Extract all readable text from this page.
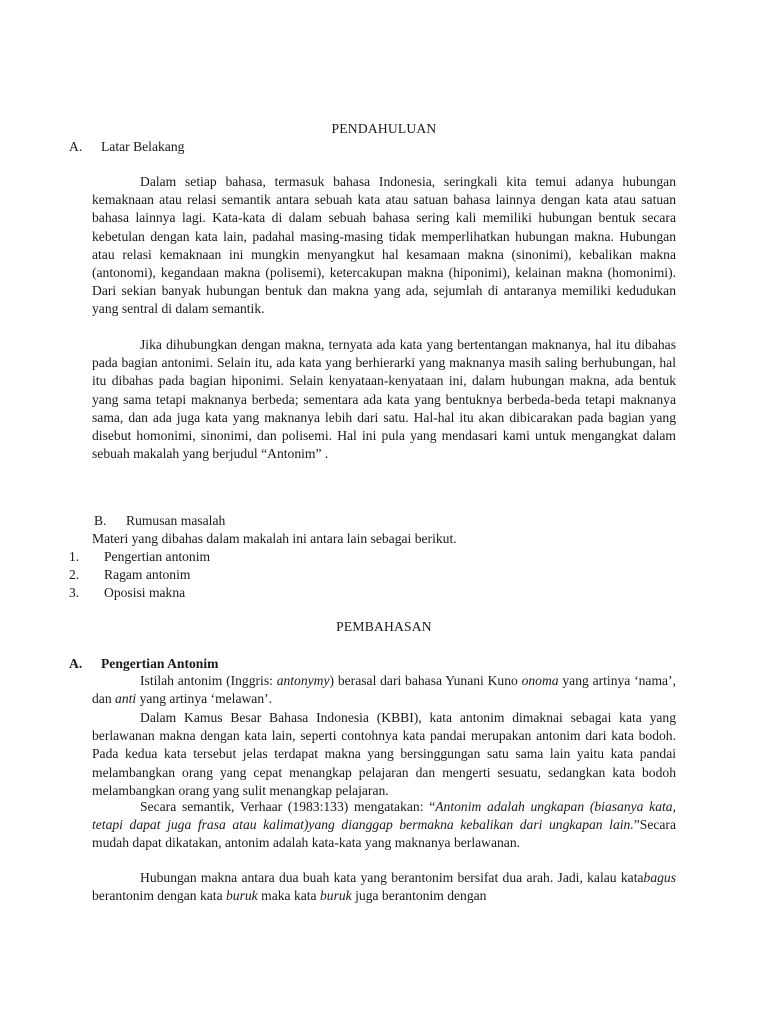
PENDAHULUAN
A. Latar Belakang
Dalam setiap bahasa, termasuk bahasa Indonesia, seringkali kita temui adanya hubungan kemaknaan atau relasi semantik antara sebuah kata atau satuan bahasa lainnya dengan kata atau satuan bahasa lainnya lagi. Kata-kata di dalam sebuah bahasa sering kali memiliki hubungan bentuk secara kebetulan dengan kata lain, padahal masing-masing tidak memperlihatkan hubungan makna. Hubungan atau relasi kemaknaan ini mungkin menyangkut hal kesamaan makna (sinonimi), kebalikan makna (antonomi), kegandaan makna (polisemi), ketercakupan makna (hiponimi), kelainan makna (homonimi). Dari sekian banyak hubungan bentuk dan makna yang ada, sejumlah di antaranya memiliki kedudukan yang sentral di dalam semantik.
Jika dihubungkan dengan makna, ternyata ada kata yang bertentangan maknanya, hal itu dibahas pada bagian antonimi. Selain itu, ada kata yang berhierarki yang maknanya masih saling berhubungan, hal itu dibahas pada bagian hiponimi. Selain kenyataan-kenyataan ini, dalam hubungan makna, ada bentuk yang sama tetapi maknanya berbeda; sementara ada kata yang bentuknya berbeda-beda tetapi maknanya sama, dan ada juga kata yang maknanya lebih dari satu. Hal-hal itu akan dibicarakan pada bagian yang disebut homonimi, sinonimi, dan polisemi. Hal ini pula yang mendasari kami untuk mengangkat dalam sebuah makalah yang berjudul “Antonim” .
B. Rumusan masalah
Materi yang dibahas dalam makalah ini antara lain sebagai berikut.
1. Pengertian antonim
2. Ragam antonim
3. Oposisi makna
PEMBAHASAN
A. Pengertian Antonim
Istilah antonim (Inggris: antonymy) berasal dari bahasa Yunani Kuno onoma yang artinya ‘nama’, dan anti yang artinya ‘melawan’.
Dalam Kamus Besar Bahasa Indonesia (KBBI), kata antonim dimaknai sebagai kata yang berlawanan makna dengan kata lain, seperti contohnya kata pandai merupakan antonim dari kata bodoh. Pada kedua kata tersebut jelas terdapat makna yang bersinggungan satu sama lain yaitu kata pandai melambangkan orang yang cepat menangkap pelajaran dan mengerti sesuatu, sedangkan kata bodoh melambangkan orang yang sulit menangkap pelajaran.
Secara semantik, Verhaar (1983:133) mengatakan: “Antonim adalah ungkapan (biasanya kata, tetapi dapat juga frasa atau kalimat)yang dianggap bermakna kebalikan dari ungkapan lain.”Secara mudah dapat dikatakan, antonim adalah kata-kata yang maknanya berlawanan.
Hubungan makna antara dua buah kata yang berantonim bersifat dua arah. Jadi, kalau katabagus berantonim dengan kata buruk maka kata buruk juga berantonim dengan
